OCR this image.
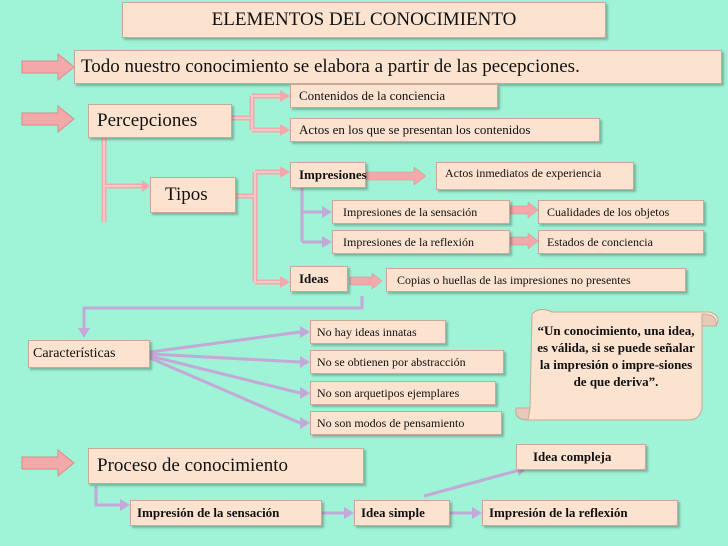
ELEMENTOS DEL CONOCIMIENTO
Todo nuestro conocimiento se elabora a partir de las pecepciones.
Percepciones
Contenidos de la conciencia
Actos en los que se presentan los contenidos
Tipos
Impresiones	Actos inmediatos de experiencia
Impresiones de la sensación	Cualidades de los objetos
Impresiones de la reflexión	Estados de conciencia
Ideas	Copias o huellas de las impresiones no presentes
Características
No hay ideas innatas
No se obtienen por abstracción
No son arquetipos ejemplares
No son modos de pensamiento
“Un conocimiento, una idea, es válida, si se puede señalar la impresión o impre-siones de que deriva”.
Proceso de conocimiento
Impresión de la sensación	Idea simple	Impresión de la reflexión
Idea compleja
